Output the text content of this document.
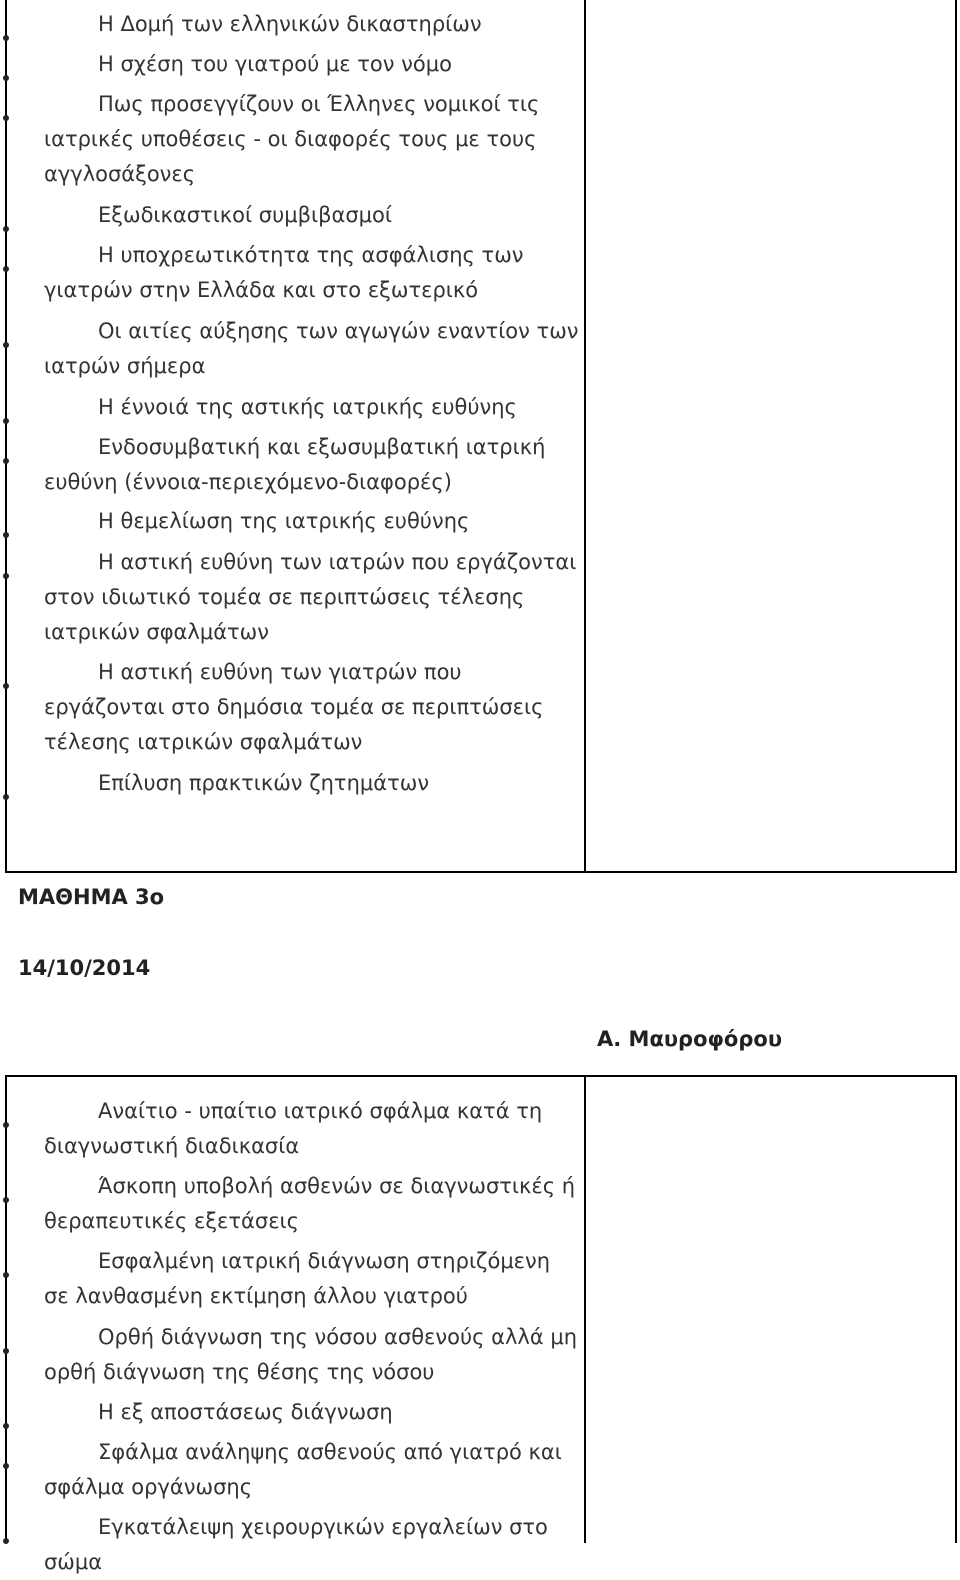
Η Δομή των ελληνικών δικαστηρίων
Η σχέση του γιατρού με τον νόμο
Πως προσεγγίζουν οι Έλληνες νομικοί τις ιατρικές υποθέσεις - οι διαφορές τους με τους αγγλοσάξονες
Εξωδικαστικοί συμβιβασμοί
Η υποχρεωτικότητα της ασφάλισης των γιατρών στην Ελλάδα και στο εξωτερικό
Οι αιτίες αύξησης των αγωγών εναντίον των ιατρών σήμερα
Η έννοιά της αστικής ιατρικής ευθύνης
Ενδοσυμβατική και εξωσυμβατική ιατρική ευθύνη (έννοια-περιεχόμενο-διαφορές)
Η θεμελίωση της ιατρικής ευθύνης
Η αστική ευθύνη των ιατρών που εργάζονται στον ιδιωτικό τομέα σε περιπτώσεις τέλεσης ιατρικών σφαλμάτων
Η αστική ευθύνη των γιατρών που εργάζονται στο δημόσια τομέα σε περιπτώσεις τέλεσης ιατρικών σφαλμάτων
Επίλυση πρακτικών ζητημάτων
ΜΑΘΗΜΑ 3ο
14/10/2014
Α. Μαυροφόρου
Αναίτιο - υπαίτιο ιατρικό σφάλμα κατά τη διαγνωστική διαδικασία
Άσκοπη υποβολή ασθενών σε διαγνωστικές ή θεραπευτικές εξετάσεις
Εσφαλμένη ιατρική διάγνωση στηριζόμενη σε λανθασμένη εκτίμηση άλλου γιατρού
Ορθή διάγνωση της νόσου ασθενούς αλλά μη ορθή διάγνωση της θέσης της νόσου
Η εξ αποστάσεως διάγνωση
Σφάλμα ανάληψης ασθενούς από γιατρό και σφάλμα οργάνωσης
Εγκατάλειψη χειρουργικών εργαλείων στο σώμα
